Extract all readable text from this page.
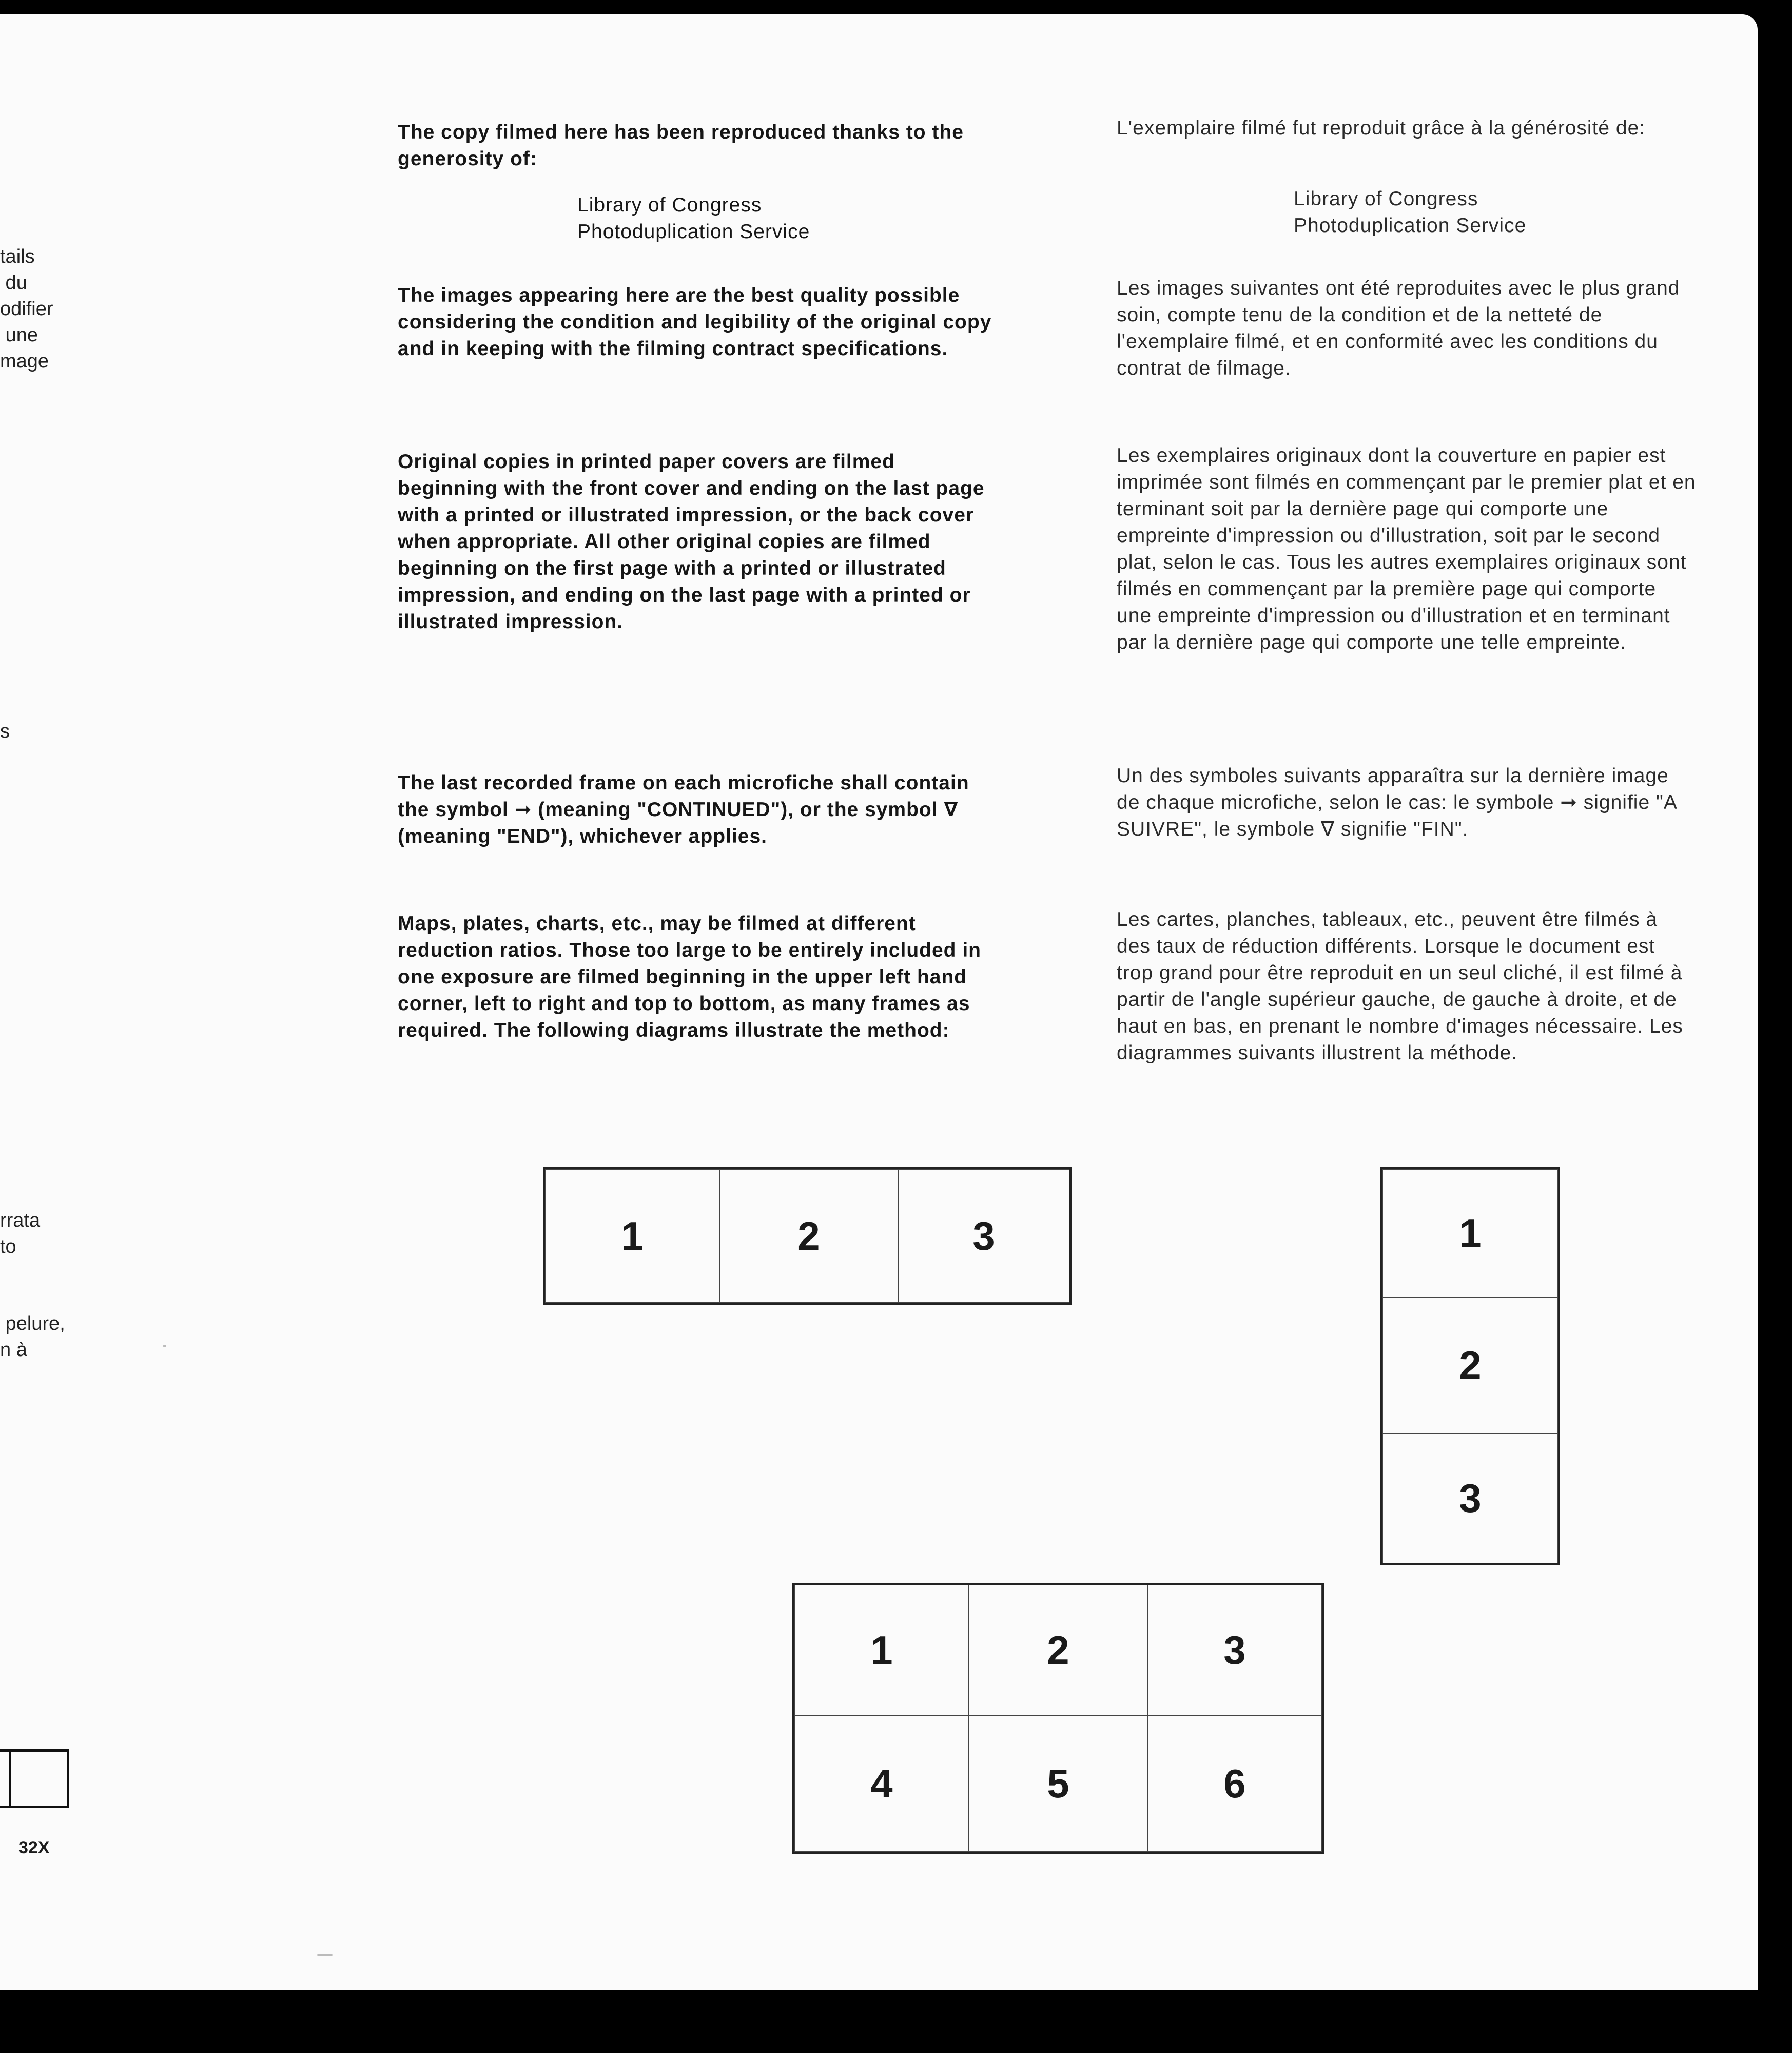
tails
du
odifier
une
mage
s
rrata
to
pelure,
n à

The copy filmed here has been reproduced thanks to the generosity of:

Library of Congress

Photoduplication Service

The images appearing here are the best quality possible considering the condition and legibility of the original copy and in keeping with the filming contract specifications.

Original copies in printed paper covers are filmed beginning with the front cover and ending on the last page with a printed or illustrated impression, or the back cover when appropriate. All other original copies are filmed beginning on the first page with a printed or illustrated impression, and ending on the last page with a printed or illustrated impression.

The last recorded frame on each microfiche shall contain the symbol ➞ (meaning "CONTINUED"), or the symbol ∇ (meaning "END"), whichever applies.

Maps, plates, charts, etc., may be filmed at different reduction ratios. Those too large to be entirely included in one exposure are filmed beginning in the upper left hand corner, left to right and top to bottom, as many frames as required. The following diagrams illustrate the method:

L'exemplaire filmé fut reproduit grâce à la générosité de:

Library of Congress

Photoduplication Service

Les images suivantes ont été reproduites avec le plus grand soin, compte tenu de la condition et de la netteté de l'exemplaire filmé, et en conformité avec les conditions du contrat de filmage.

Les exemplaires originaux dont la couverture en papier est imprimée sont filmés en commençant par le premier plat et en terminant soit par la dernière page qui comporte une empreinte d'impression ou d'illustration, soit par le second plat, selon le cas. Tous les autres exemplaires originaux sont filmés en commençant par la première page qui comporte une empreinte d'impression ou d'illustration et en terminant par la dernière page qui comporte une telle empreinte.

Un des symboles suivants apparaîtra sur la dernière image de chaque microfiche, selon le cas: le symbole ➞ signifie "A SUIVRE", le symbole ∇ signifie "FIN".

Les cartes, planches, tableaux, etc., peuvent être filmés à des taux de réduction différents. Lorsque le document est trop grand pour être reproduit en un seul cliché, il est filmé à partir de l'angle supérieur gauche, de gauche à droite, et de haut en bas, en prenant le nombre d'images nécessaire. Les diagrammes suivants illustrent la méthode.

1	2	3	1
2
3
1	2	3
4	5	6
32X
